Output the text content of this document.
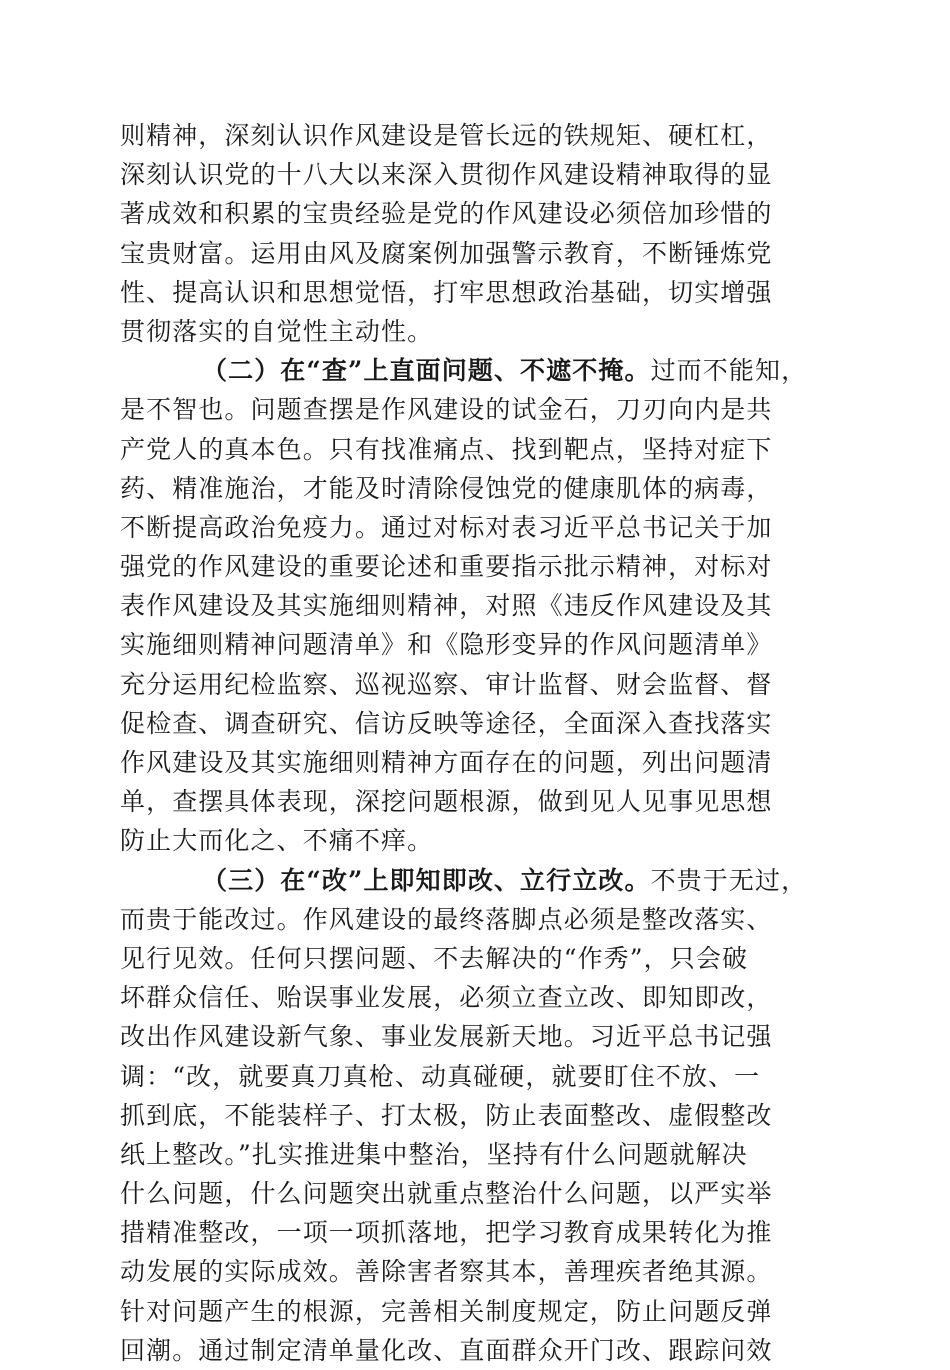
则精神，深刻认识作风建设是管长远的铁规矩、硬杠杠，
深刻认识党的十八大以来深入贯彻作风建设精神取得的显
著成效和积累的宝贵经验是党的作风建设必须倍加珍惜的
宝贵财富。运用由风及腐案例加强警示教育，不断锤炼党
性、提高认识和思想觉悟，打牢思想政治基础，切实增强
贯彻落实的自觉性主动性。
（二）在“查”上直面问题、不遮不掩。过而不能知，
是不智也。问题查摆是作风建设的试金石，刀刃向内是共
产党人的真本色。只有找准痛点、找到靶点，坚持对症下
药、精准施治，才能及时清除侵蚀党的健康肌体的病毒，
不断提高政治免疫力。通过对标对表习近平总书记关于加
强党的作风建设的重要论述和重要指示批示精神，对标对
表作风建设及其实施细则精神，对照《违反作风建设及其
实施细则精神问题清单》和《隐形变异的作风问题清单》
充分运用纪检监察、巡视巡察、审计监督、财会监督、督
促检查、调查研究、信访反映等途径，全面深入查找落实
作风建设及其实施细则精神方面存在的问题，列出问题清
单，查摆具体表现，深挖问题根源，做到见人见事见思想
防止大而化之、不痛不痒。
（三）在“改”上即知即改、立行立改。不贵于无过，
而贵于能改过。作风建设的最终落脚点必须是整改落实、
见行见效。任何只摆问题、不去解决的“作秀”，只会破
坏群众信任、贻误事业发展，必须立查立改、即知即改，
改出作风建设新气象、事业发展新天地。习近平总书记强
调：“改，就要真刀真枪、动真碰硬，就要盯住不放、一
抓到底，不能装样子、打太极，防止表面整改、虚假整改
纸上整改。”扎实推进集中整治，坚持有什么问题就解决
什么问题，什么问题突出就重点整治什么问题，以严实举
措精准整改，一项一项抓落地，把学习教育成果转化为推
动发展的实际成效。善除害者察其本，善理疾者绝其源。
针对问题产生的根源，完善相关制度规定，防止问题反弹
回潮。通过制定清单量化改、直面群众开门改、跟踪问效
